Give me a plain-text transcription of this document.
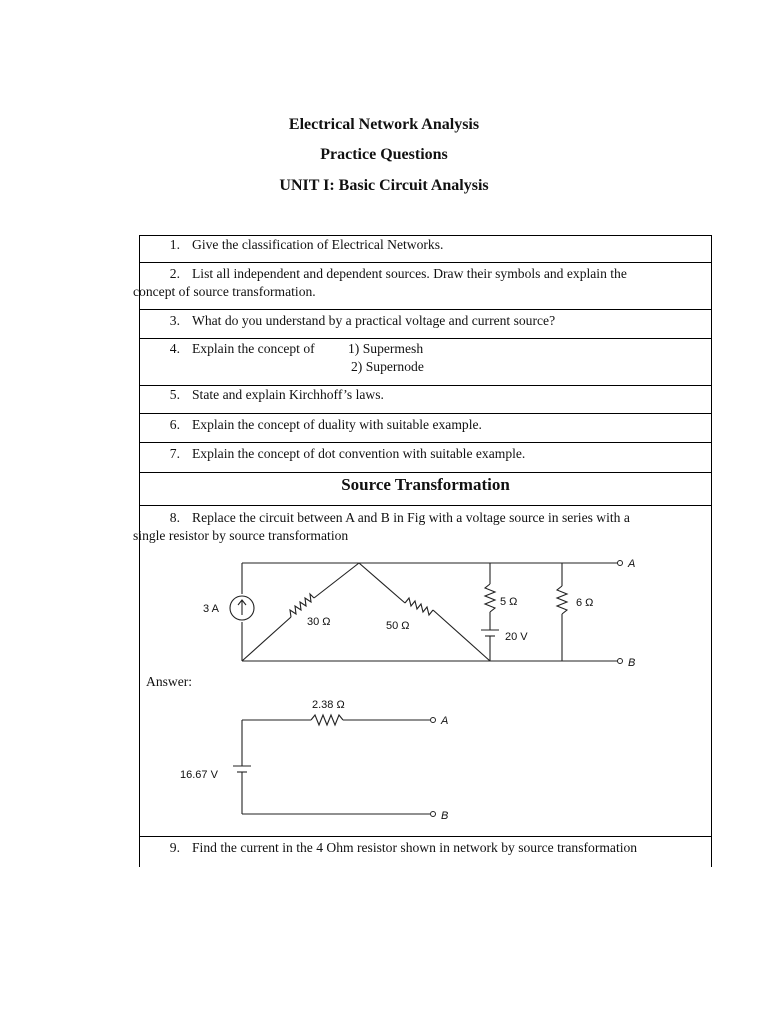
Electrical Network Analysis
Practice Questions
UNIT I: Basic Circuit Analysis
1. Give the classification of Electrical Networks.
2. List all independent and dependent sources. Draw their symbols and explain the
concept of source transformation.
3. What do you understand by a practical voltage and current source?
4. Explain the concept of 1) Supermesh
2) Supernode
5. State and explain Kirchhoff’s laws.
6. Explain the concept of duality with suitable example.
7. Explain the concept of dot convention with suitable example.
Source Transformation
8. Replace the circuit between A and B in Fig with a voltage source in series with a
single resistor by source transformation
3 A
30 Ω	50 Ω
5 Ω	6 Ω
20 V
A
B
2.38 Ω
16.67 V
A
B
Answer:
9. Find the current in the 4 Ohm resistor shown in network by source transformation
